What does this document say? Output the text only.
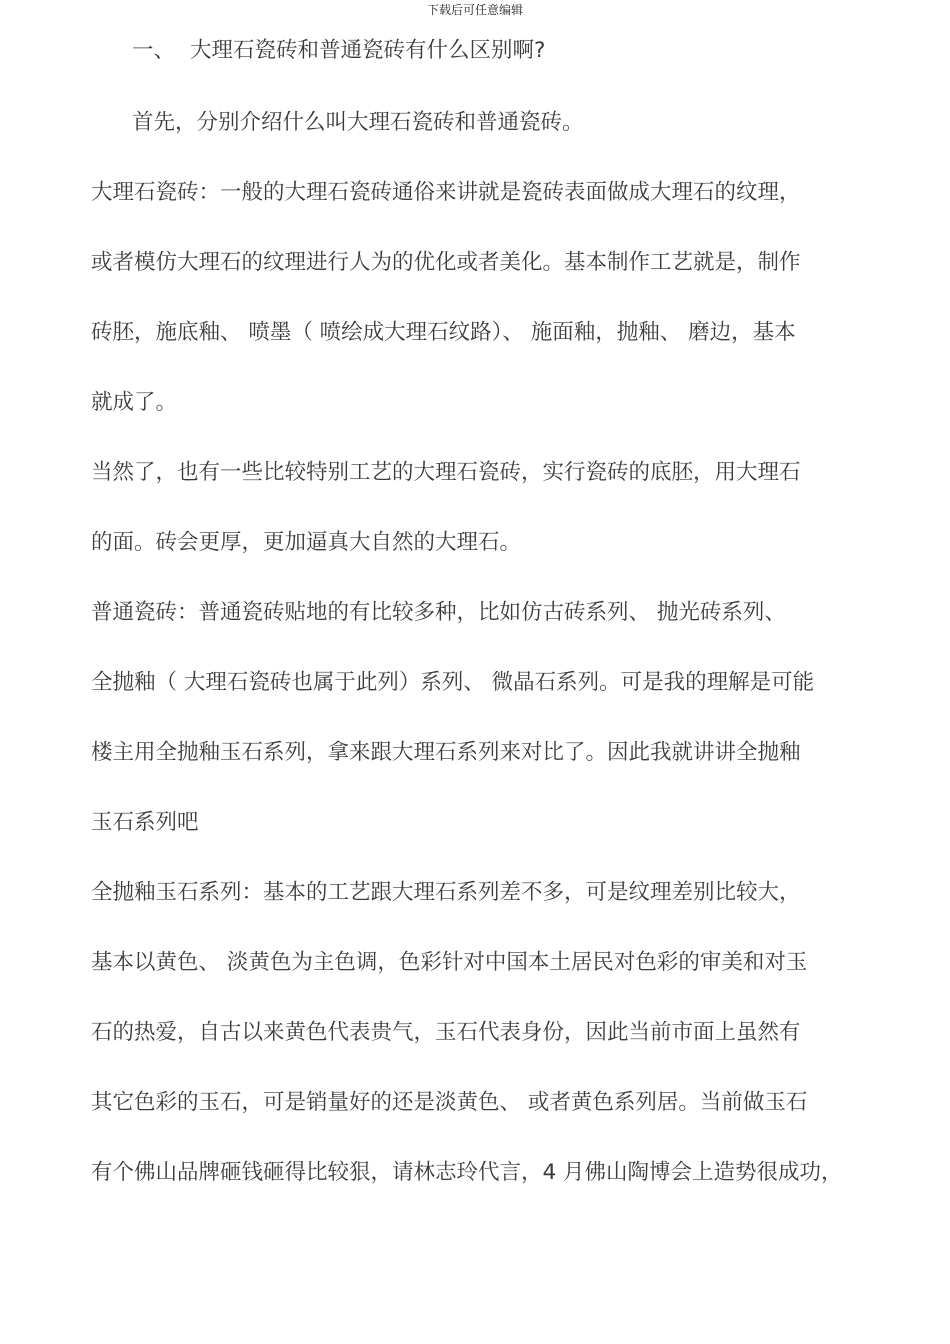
下载后可任意编辑
一、 大理石瓷砖和普通瓷砖有什么区别啊?
首先，分别介绍什么叫大理石瓷砖和普通瓷砖。
大理石瓷砖：一般的大理石瓷砖通俗来讲就是瓷砖表面做成大理石的纹理，
或者模仿大理石的纹理进行人为的优化或者美化。基本制作工艺就是，制作
砖胚，施底釉、 喷墨（ 喷绘成大理石纹路）、 施面釉，抛釉、 磨边，基本
就成了。
当然了，也有一些比较特别工艺的大理石瓷砖，实行瓷砖的底胚，用大理石
的面。砖会更厚，更加逼真大自然的大理石。
普通瓷砖：普通瓷砖贴地的有比较多种，比如仿古砖系列、 抛光砖系列、
全抛釉（ 大理石瓷砖也属于此列）系列、 微晶石系列。可是我的理解是可能
楼主用全抛釉玉石系列，拿来跟大理石系列来对比了。因此我就讲讲全抛釉
玉石系列吧
全抛釉玉石系列：基本的工艺跟大理石系列差不多，可是纹理差别比较大，
基本以黄色、 淡黄色为主色调，色彩针对中国本土居民对色彩的审美和对玉
石的热爱，自古以来黄色代表贵气，玉石代表身份，因此当前市面上虽然有
其它色彩的玉石，可是销量好的还是淡黄色、 或者黄色系列居。当前做玉石
有个佛山品牌砸钱砸得比较狠，请林志玲代言，4 月佛山陶博会上造势很成功，
